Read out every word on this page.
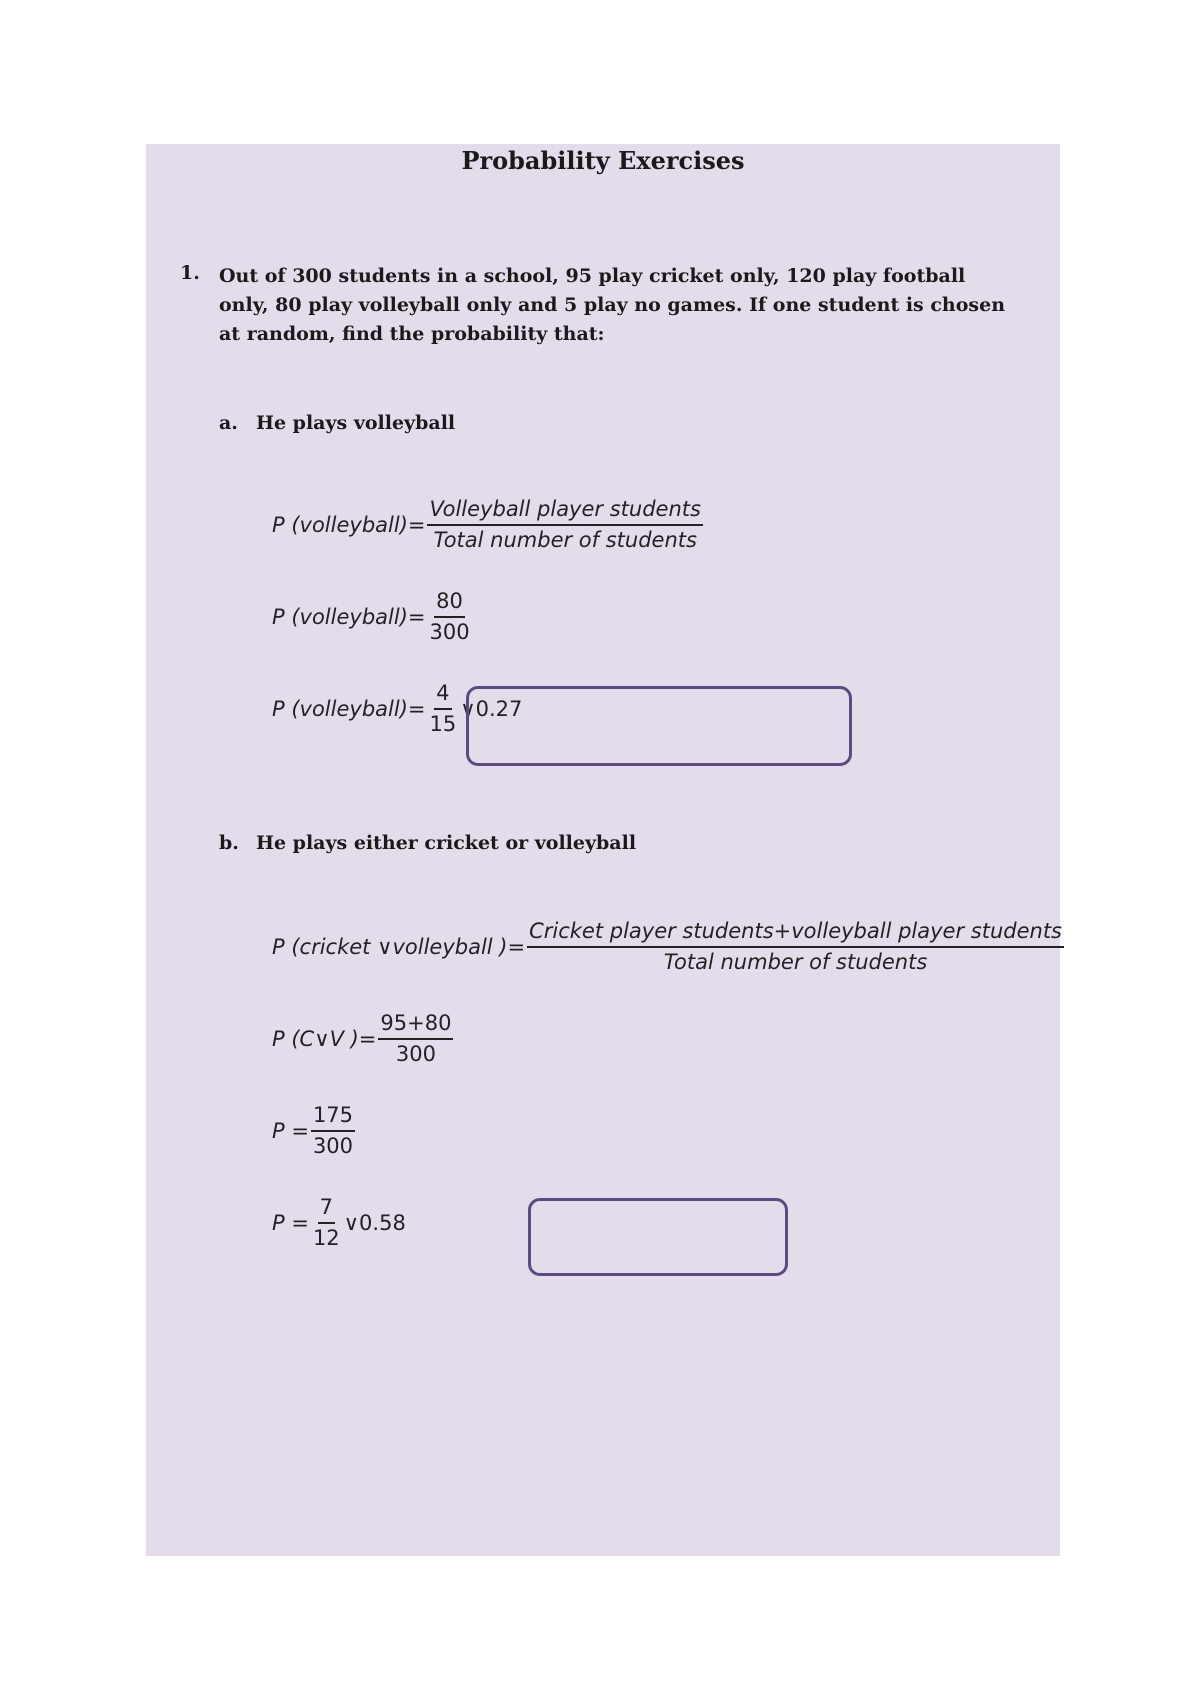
Probability Exercises
1. Out of 300 students in a school, 95 play cricket only, 120 play football only, 80 play volleyball only and 5 play no games. If one student is chosen at random, find the probability that:
a. He plays volleyball
P (volleyball)= $\frac{\text{Volleyball player students}}{\text{Total number of students}}$
P (volleyball)= $\frac{80}{300}$
P (volleyball)= $\frac{4}{15}$ ∨0.27
b. He plays either cricket or volleyball
P (cricket ∨volleyball )= $\frac{\text{Cricket player students+volleyball player students}}{\text{Total number of students}}$
P (C∨V )= $\frac{95+80}{300}$
$P = \frac{175}{300}$
$P = \frac{7}{12}$ ∨0.58
